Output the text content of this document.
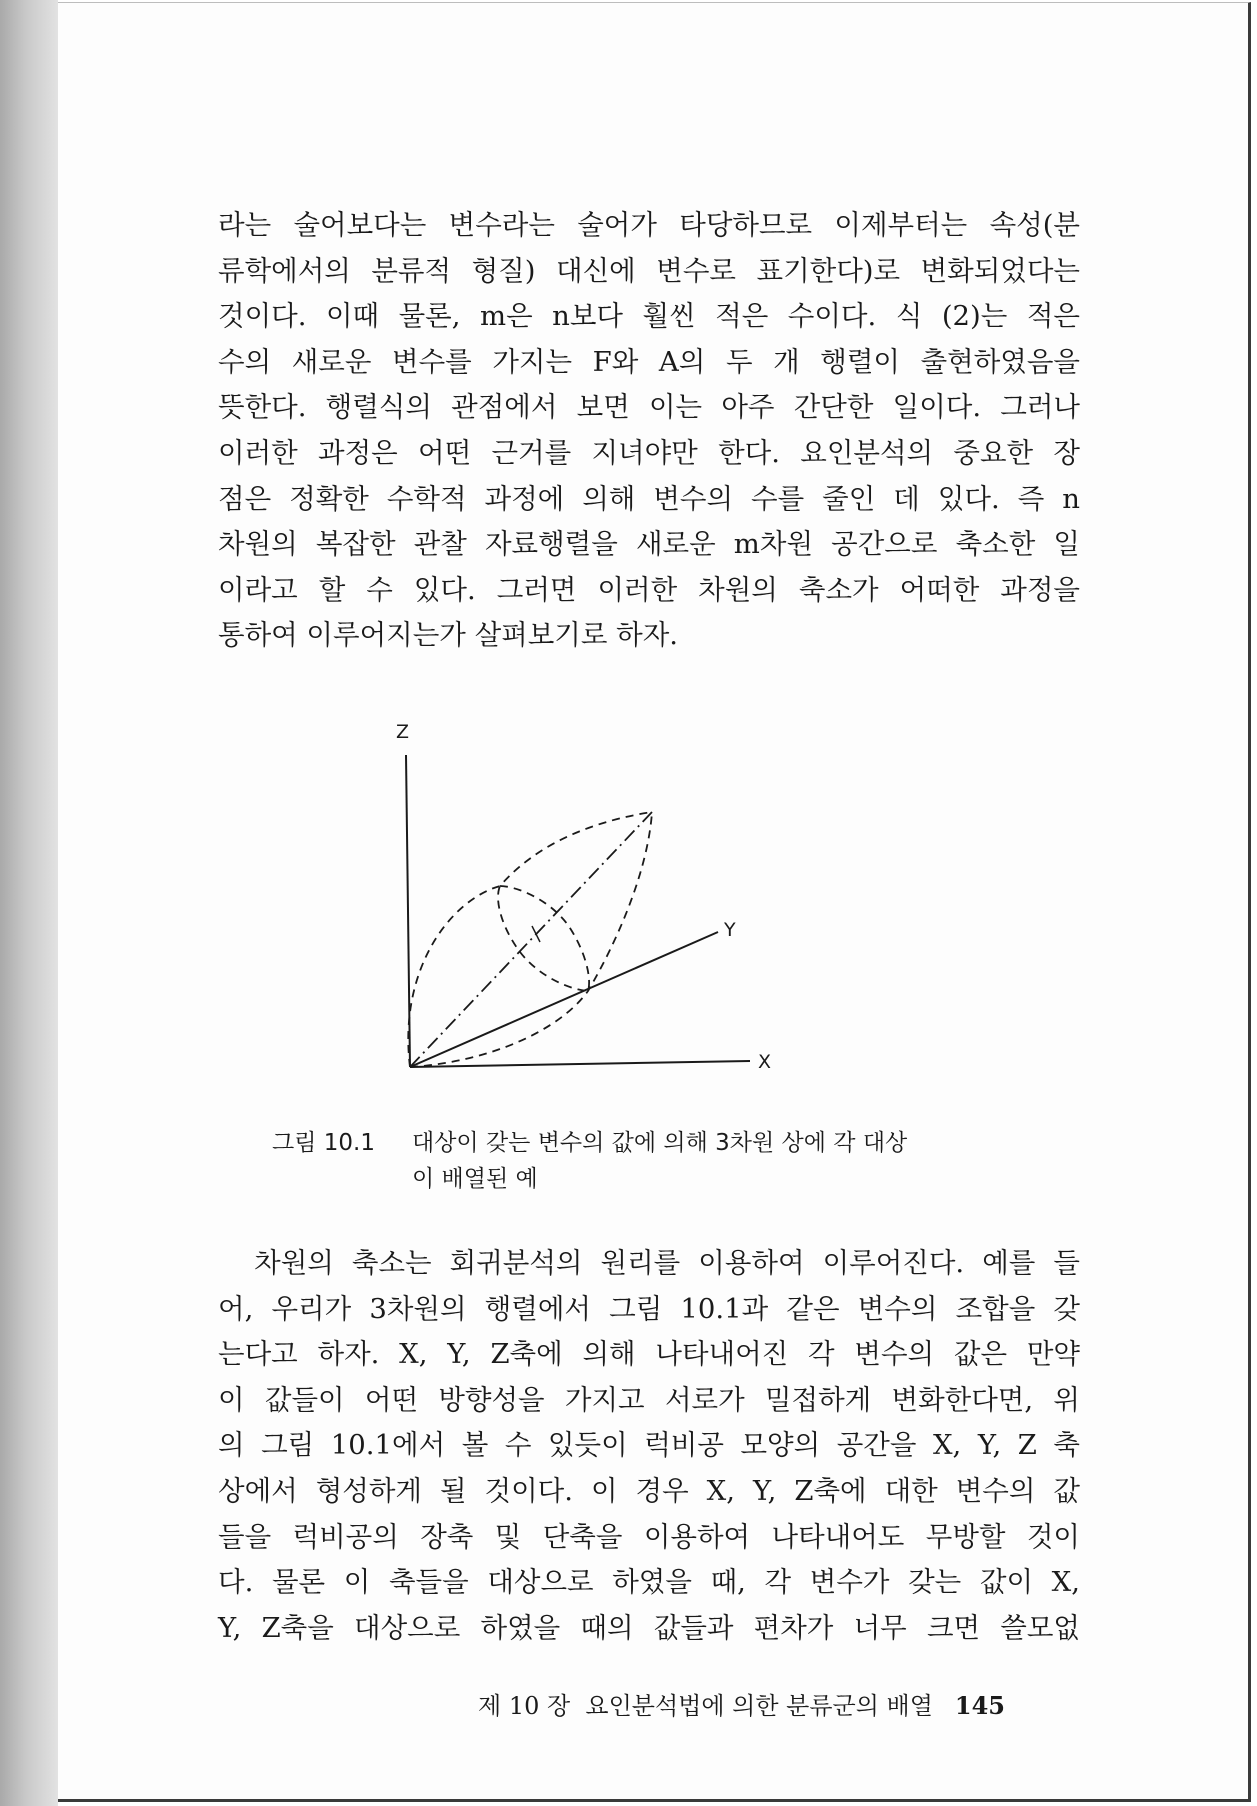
라는 술어보다는 변수라는 술어가 타당하므로 이제부터는 속성(분
류학에서의 분류적 형질) 대신에 변수로 표기한다)로 변화되었다는
것이다. 이때 물론, m은 n보다 훨씬 적은 수이다. 식 (2)는 적은
수의 새로운 변수를 가지는 F와 A의 두 개 행렬이 출현하였음을
뜻한다. 행렬식의 관점에서 보면 이는 아주 간단한 일이다. 그러나
이러한 과정은 어떤 근거를 지녀야만 한다. 요인분석의 중요한 장
점은 정확한 수학적 과정에 의해 변수의 수를 줄인 데 있다. 즉 n
차원의 복잡한 관찰 자료행렬을 새로운 m차원 공간으로 축소한 일
이라고 할 수 있다. 그러면 이러한 차원의 축소가 어떠한 과정을
통하여 이루어지는가 살펴보기로 하자.
Z
Y
X
그림 10.1 대상이 갖는 변수의 값에 의해 3차원 상에 각 대상
이 배열된 예
차원의 축소는 회귀분석의 원리를 이용하여 이루어진다. 예를 들
어, 우리가 3차원의 행렬에서 그림 10.1과 같은 변수의 조합을 갖
는다고 하자. X, Y, Z축에 의해 나타내어진 각 변수의 값은 만약
이 값들이 어떤 방향성을 가지고 서로가 밀접하게 변화한다면, 위
의 그림 10.1에서 볼 수 있듯이 럭비공 모양의 공간을 X, Y, Z 축
상에서 형성하게 될 것이다. 이 경우 X, Y, Z축에 대한 변수의 값
들을 럭비공의 장축 및 단축을 이용하여 나타내어도 무방할 것이
다. 물론 이 축들을 대상으로 하였을 때, 각 변수가 갖는 값이 X,
Y, Z축을 대상으로 하였을 때의 값들과 편차가 너무 크면 쓸모없
제 10 장  요인분석법에 의한 분류군의 배열 145
